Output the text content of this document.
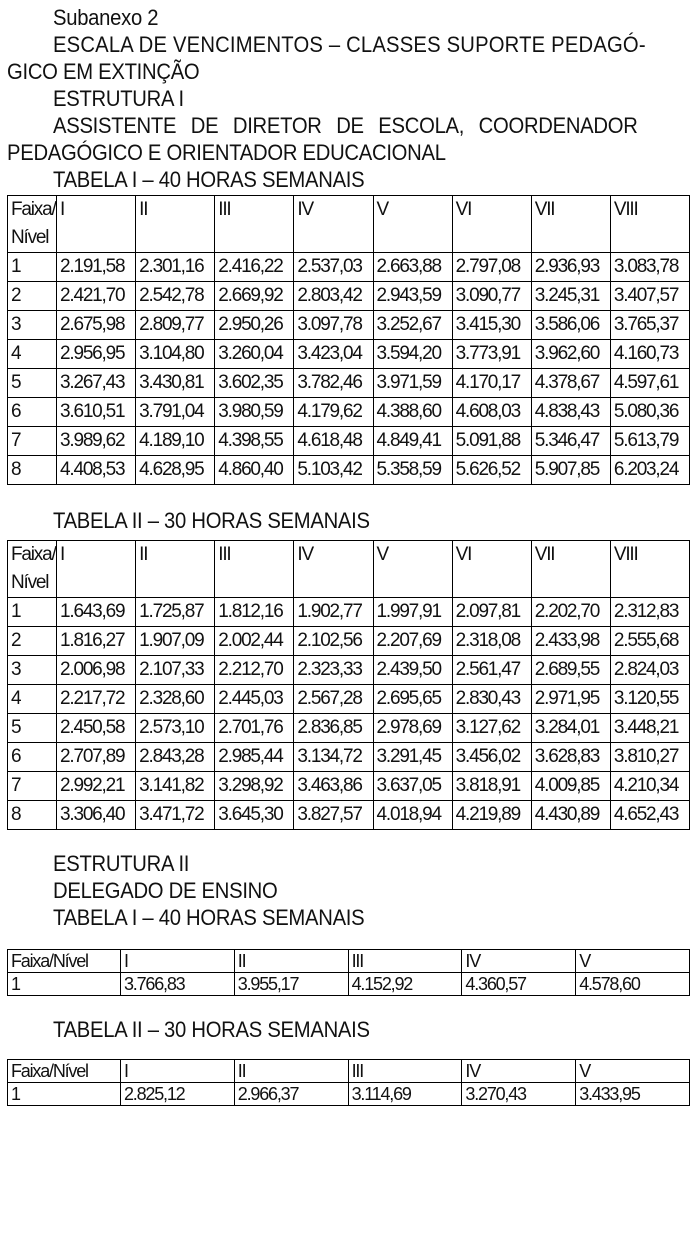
Subanexo 2

ESCALA DE VENCIMENTOS – CLASSES SUPORTE PEDAGÓ-

GICO EM EXTINÇÃO

ESTRUTURA I

ASSISTENTE DE DIRETOR DE ESCOLA, COORDENADOR

PEDAGÓGICO E ORIENTADOR EDUCACIONAL

TABELA I – 40 HORAS SEMANAIS

Faixa/
Nível	I	II	III	IV	V	VI	VII	VIII
1	2.191,58	2.301,16	2.416,22	2.537,03	2.663,88	2.797,08	2.936,93	3.083,78
2	2.421,70	2.542,78	2.669,92	2.803,42	2.943,59	3.090,77	3.245,31	3.407,57
3	2.675,98	2.809,77	2.950,26	3.097,78	3.252,67	3.415,30	3.586,06	3.765,37
4	2.956,95	3.104,80	3.260,04	3.423,04	3.594,20	3.773,91	3.962,60	4.160,73
5	3.267,43	3.430,81	3.602,35	3.782,46	3.971,59	4.170,17	4.378,67	4.597,61
6	3.610,51	3.791,04	3.980,59	4.179,62	4.388,60	4.608,03	4.838,43	5.080,36
7	3.989,62	4.189,10	4.398,55	4.618,48	4.849,41	5.091,88	5.346,47	5.613,79
8	4.408,53	4.628,95	4.860,40	5.103,42	5.358,59	5.626,52	5.907,85	6.203,24

TABELA II – 30 HORAS SEMANAIS

Faixa/
Nível	I	II	III	IV	V	VI	VII	VIII
1	1.643,69	1.725,87	1.812,16	1.902,77	1.997,91	2.097,81	2.202,70	2.312,83
2	1.816,27	1.907,09	2.002,44	2.102,56	2.207,69	2.318,08	2.433,98	2.555,68
3	2.006,98	2.107,33	2.212,70	2.323,33	2.439,50	2.561,47	2.689,55	2.824,03
4	2.217,72	2.328,60	2.445,03	2.567,28	2.695,65	2.830,43	2.971,95	3.120,55
5	2.450,58	2.573,10	2.701,76	2.836,85	2.978,69	3.127,62	3.284,01	3.448,21
6	2.707,89	2.843,28	2.985,44	3.134,72	3.291,45	3.456,02	3.628,83	3.810,27
7	2.992,21	3.141,82	3.298,92	3.463,86	3.637,05	3.818,91	4.009,85	4.210,34
8	3.306,40	3.471,72	3.645,30	3.827,57	4.018,94	4.219,89	4.430,89	4.652,43

ESTRUTURA II

DELEGADO DE ENSINO

TABELA I – 40 HORAS SEMANAIS

Faixa/Nível	I	II	III	IV	V
1	3.766,83	3.955,17	4.152,92	4.360,57	4.578,60

TABELA II – 30 HORAS SEMANAIS

Faixa/Nível	I	II	III	IV	V
1	2.825,12	2.966,37	3.114,69	3.270,43	3.433,95
